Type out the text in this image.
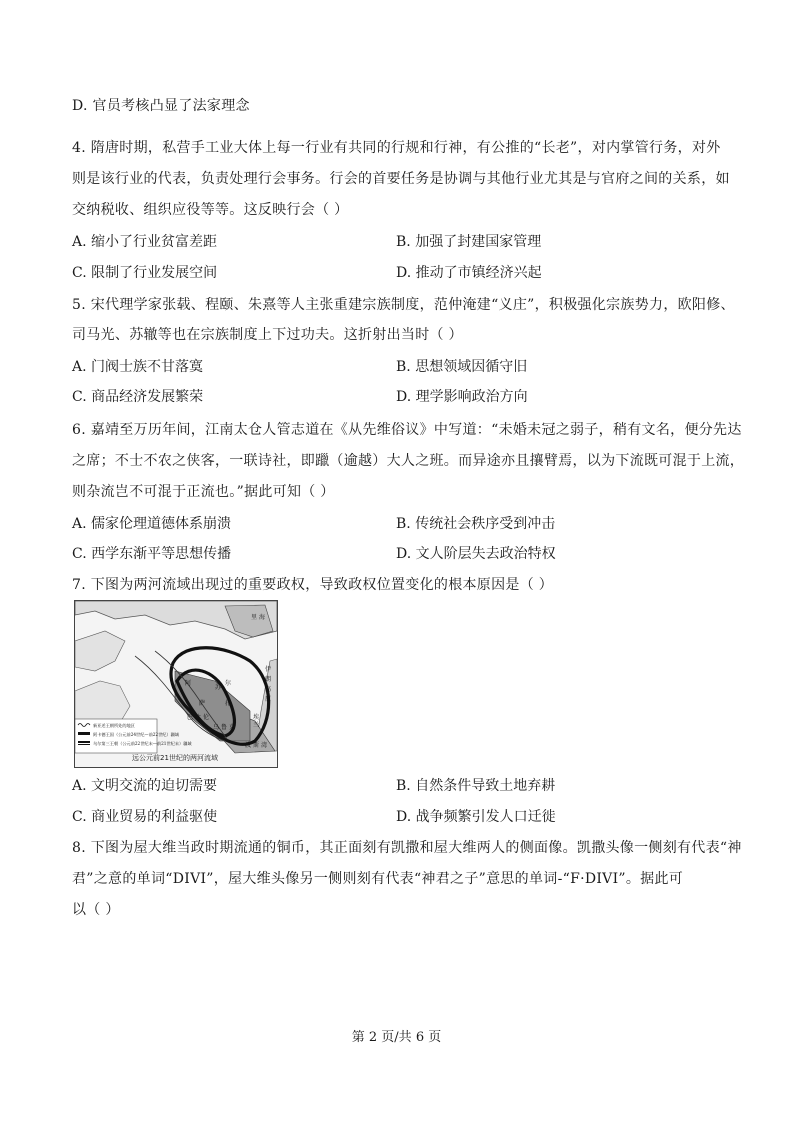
D. 官员考核凸显了法家理念
4. 隋唐时期，私营手工业大体上每一行业有共同的行规和行神，有公推的“长老”，对内掌管行务，对外
则是该行业的代表，负责处理行会事务。行会的首要任务是协调与其他行业尤其是与官府之间的关系，如
交纳税收、组织应役等等。这反映行会（ ）
A. 缩小了行业贫富差距	B. 加强了封建国家管理
C. 限制了行业发展空间	D. 推动了市镇经济兴起
5. 宋代理学家张载、程颐、朱熹等人主张重建宗族制度，范仲淹建“义庄”，积极强化宗族势力，欧阳修、
司马光、苏辙等也在宗族制度上下过功夫。这折射出当时（ ）
A. 门阀士族不甘落寞	B. 思想领域因循守旧
C. 商品经济发展繁荣	D. 理学影响政治方向
6. 嘉靖至万历年间，江南太仓人管志道在《从先维俗议》中写道：“未婚未冠之弱子，稍有文名，便分先达
之席；不士不农之侠客，一联诗社，即躐（逾越）大人之班。而异途亦且攘臂焉，以为下流既可混于上流，
则杂流岂不可混于正流也。”据此可知（ ）
A. 儒家伦理道德体系崩溃	B. 传统社会秩序受到冲击
C. 西学东渐平等思想传播	D. 文人阶层失去政治特权
7. 下图为两河流域出现过的重要政权，导致政权位置变化的根本原因是（ ）
里 海
阿
苏
萨	扎
伊
朗
高
原
巴 比 伦
尔
埃
兰
波 斯 湾
乌 鲁 克
新亚述王朝所处的地区
阿卡德王国（公元前24世纪—前22世纪）疆域
乌尔第三王朝（公元前22世纪末—前21世纪末）疆域
远公元前21世纪的两河流域
A. 文明交流的迫切需要	B. 自然条件导致土地弃耕
C. 商业贸易的利益驱使	D. 战争频繁引发人口迁徙
8. 下图为屋大维当政时期流通的铜币，其正面刻有凯撒和屋大维两人的侧面像。凯撒头像一侧刻有代表“神
君”之意的单词“DIVI”，屋大维头像另一侧则刻有代表“神君之子”意思的单词-“F·DIVI”。据此可
以（ ）
第 2 页/共 6 页
